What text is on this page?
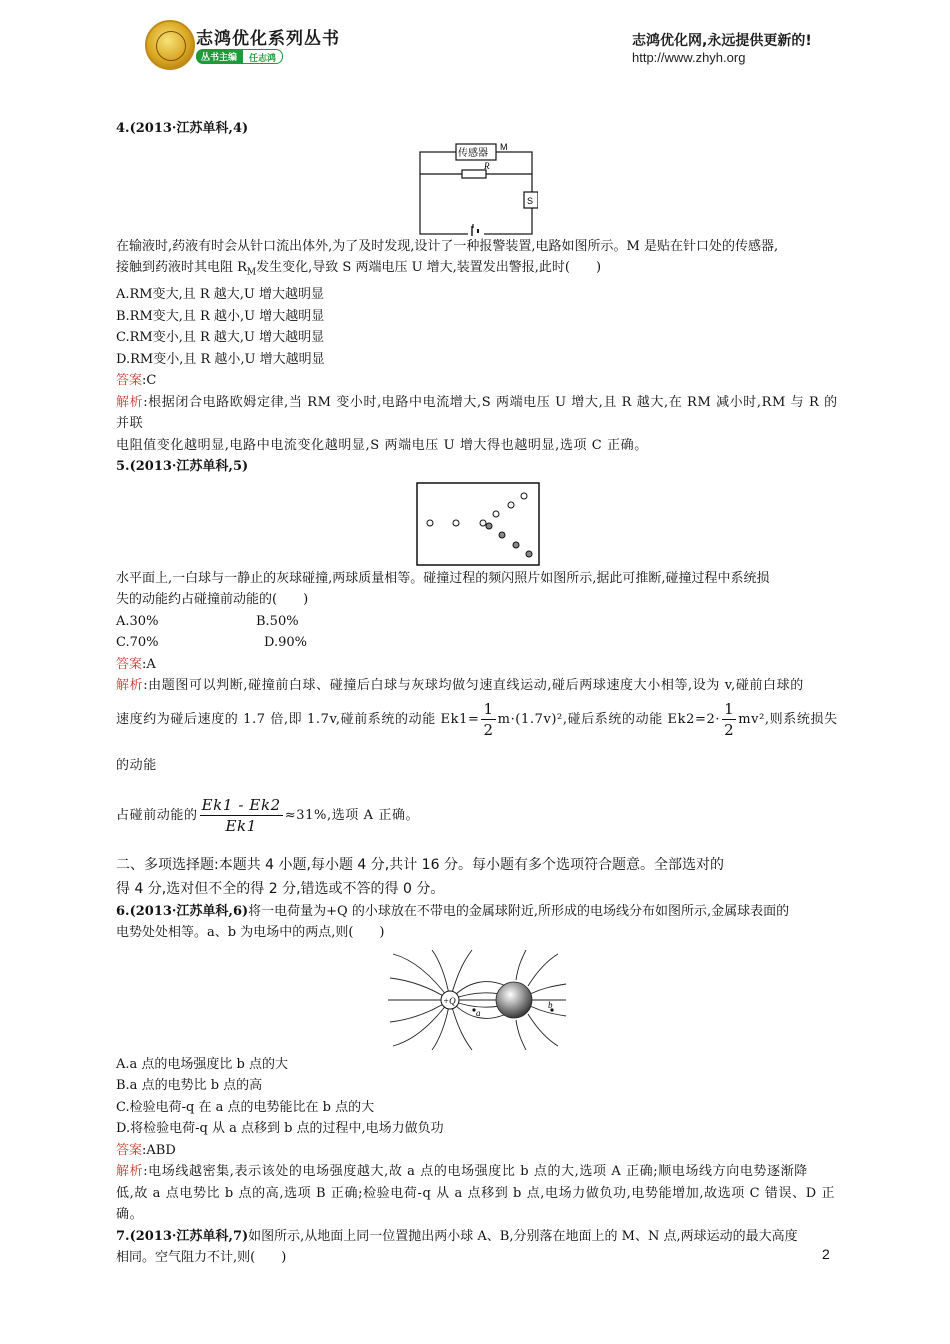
志鸿优化系列丛书
丛书主编	任志鸿
志鸿优化网,永远提供更新的!
http://www.zhyh.org

4.(2013·江苏单科,4)

传感器
M
R
S

在输液时,药液有时会从针口流出体外,为了及时发现,设计了一种报警装置,电路如图所示。M 是贴在针口处的传感器,

接触到药液时其电阻 $R_M$发生变化,导致 S 两端电压 U 增大,装置发出警报,此时(　　)

A.RM变大,且 R 越大,U 增大越明显

B.RM变大,且 R 越小,U 增大越明显

C.RM变小,且 R 越大,U 增大越明显

D.RM变小,且 R 越小,U 增大越明显

答案:C

解析:根据闭合电路欧姆定律,当 RM 变小时,电路中电流增大,S 两端电压 U 增大,且 R 越大,在 RM 减小时,RM 与 R 的并联

电阻值变化越明显,电路中电流变化越明显,S 两端电压 U 增大得也越明显,选项 C 正确。

5.(2013·江苏单科,5)

水平面上,一白球与一静止的灰球碰撞,两球质量相等。碰撞过程的频闪照片如图所示,据此可推断,碰撞过程中系统损

失的动能约占碰撞前动能的(　　)

A.30%	B.50%

C.70%	D.90%

答案:A

解析:由题图可以判断,碰撞前白球、碰撞后白球与灰球均做匀速直线运动,碰后两球速度大小相等,设为 v,碰前白球的

速度约为碰后速度的 1.7 倍,即 1.7v,碰前系统的动能 $Ek1= \frac{1}{2} m\cdot(1.7v)^2$,碰后系统的动能 $Ek2=2\cdot \frac{1}{2} mv^2$,则系统损失的动能

占碰前动能的 $\frac{Ek1 - Ek2}{Ek1} \approx 31\%$,选项 A 正确。

二、多项选择题:本题共 4 小题,每小题 4 分,共计 16 分。每小题有多个选项符合题意。全部选对的

得 4 分,选对但不全的得 2 分,错选或不答的得 0 分。

6.(2013·江苏单科,6)将一电荷量为+Q 的小球放在不带电的金属球附近,所形成的电场线分布如图所示,金属球表面的

电势处处相等。a、b 为电场中的两点,则(　　)

+Q
a
b

A.a 点的电场强度比 b 点的大

B.a 点的电势比 b 点的高

C.检验电荷-q 在 a 点的电势能比在 b 点的大

D.将检验电荷-q 从 a 点移到 b 点的过程中,电场力做负功

答案:ABD

解析:电场线越密集,表示该处的电场强度越大,故 a 点的电场强度比 b 点的大,选项 A 正确;顺电场线方向电势逐渐降

低,故 a 点电势比 b 点的高,选项 B 正确;检验电荷-q 从 a 点移到 b 点,电场力做负功,电势能增加,故选项 C 错误、D 正

确。

7.(2013·江苏单科,7)如图所示,从地面上同一位置抛出两小球 A、B,分别落在地面上的 M、N 点,两球运动的最大高度

相同。空气阻力不计,则(　　)	2
